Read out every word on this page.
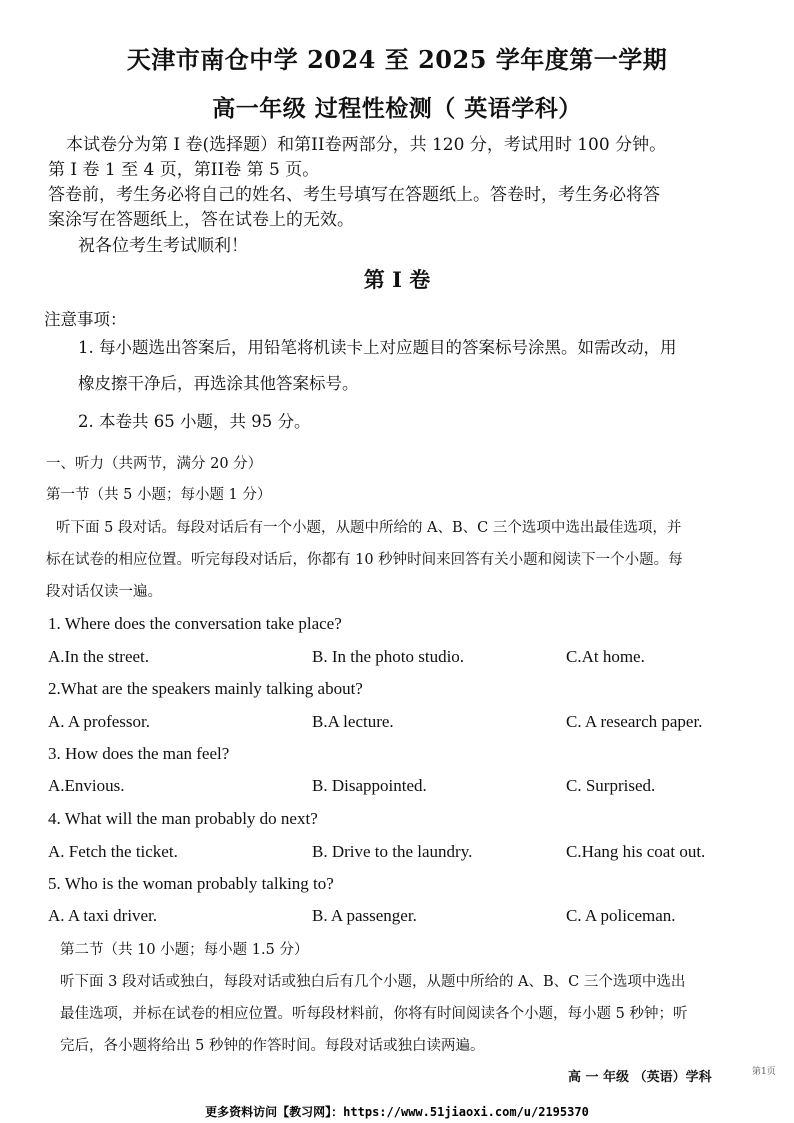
天津市南仓中学 2024 至 2025 学年度第一学期
高一年级 过程性检测（ 英语学科）
本试卷分为第 I 卷(选择题）和第II卷两部分，共 120 分，考试用时 100 分钟。
第 I 卷 1 至 4 页，第II卷 第 5 页。
答卷前，考生务必将自己的姓名、考生号填写在答题纸上。答卷时，考生务必将答
案涂写在答题纸上，答在试卷上的无效。
祝各位考生考试顺利！
第 I 卷
注意事项：
1. 每小题选出答案后，用铅笔将机读卡上对应题目的答案标号涂黑。如需改动，用
橡皮擦干净后，再选涂其他答案标号。
2. 本卷共 65 小题，共 95 分。
一、听力（共两节，满分 20 分）
第一节（共 5 小题；每小题 1 分）
听下面 5 段对话。每段对话后有一个小题，从题中所给的 A、B、C 三个选项中选出最佳选项，并
标在试卷的相应位置。听完每段对话后，你都有 10 秒钟时间来回答有关小题和阅读下一个小题。每
段对话仅读一遍。
1. Where does the conversation take place?
A.In the street.	B. In the photo studio.	C.At home.
2.What are the speakers mainly talking about?
A. A professor.	B.A lecture.	C. A research paper.
3. How does the man feel?
A.Envious.	B. Disappointed.	C. Surprised.
4. What will the man probably do next?
A. Fetch the ticket.	B. Drive to the laundry.	C.Hang his coat out.
5. Who is the woman probably talking to?
A. A taxi driver.	B. A passenger.	C. A policeman.
第二节（共 10 小题；每小题 1.5 分）
听下面 3 段对话或独白，每段对话或独白后有几个小题，从题中所给的 A、B、C 三个选项中选出
最佳选项，并标在试卷的相应位置。听每段材料前，你将有时间阅读各个小题，每小题 5 秒钟；听
完后，各小题将给出 5 秒钟的作答时间。每段对话或独白读两遍。
高 一 年级 （英语）学科	第1页
更多资料访问【教习网】：https://www.51jiaoxi.com/u/2195370
